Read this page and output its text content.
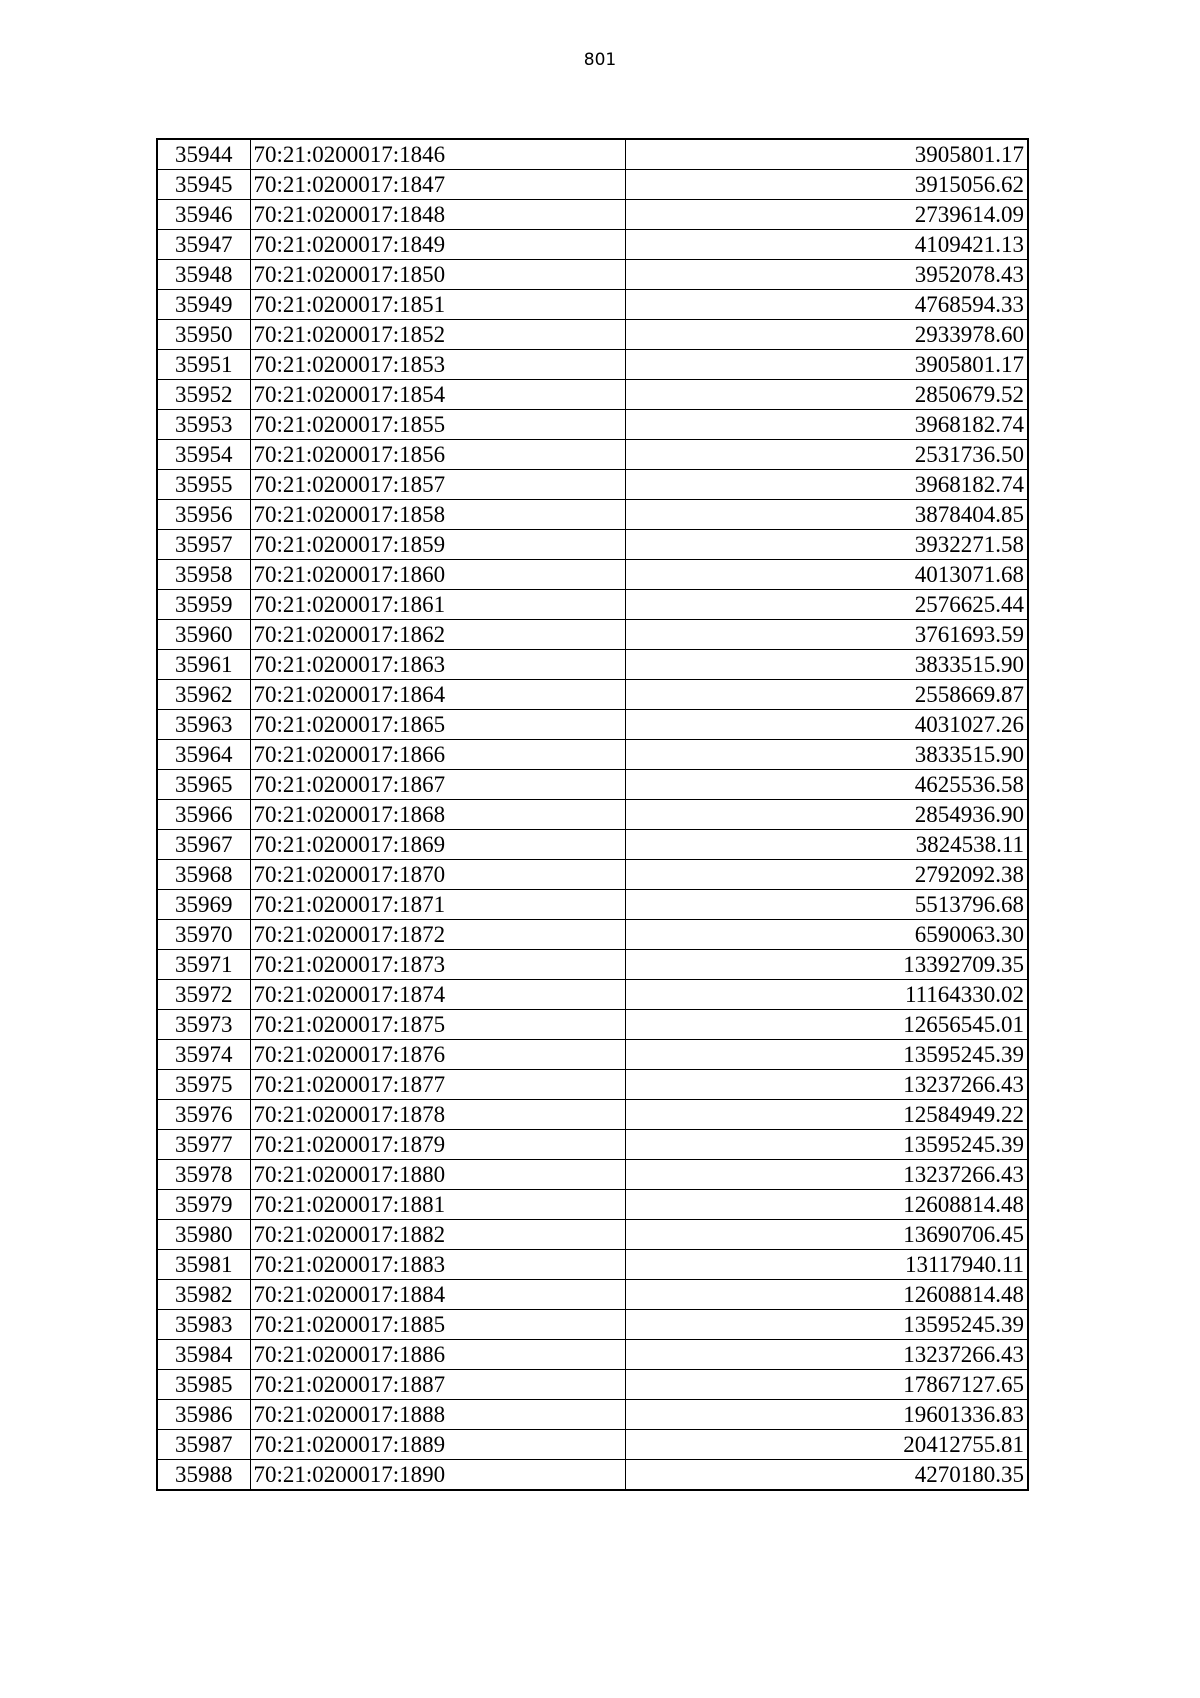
801
35944	70:21:0200017:1846	3905801.17
35945	70:21:0200017:1847	3915056.62
35946	70:21:0200017:1848	2739614.09
35947	70:21:0200017:1849	4109421.13
35948	70:21:0200017:1850	3952078.43
35949	70:21:0200017:1851	4768594.33
35950	70:21:0200017:1852	2933978.60
35951	70:21:0200017:1853	3905801.17
35952	70:21:0200017:1854	2850679.52
35953	70:21:0200017:1855	3968182.74
35954	70:21:0200017:1856	2531736.50
35955	70:21:0200017:1857	3968182.74
35956	70:21:0200017:1858	3878404.85
35957	70:21:0200017:1859	3932271.58
35958	70:21:0200017:1860	4013071.68
35959	70:21:0200017:1861	2576625.44
35960	70:21:0200017:1862	3761693.59
35961	70:21:0200017:1863	3833515.90
35962	70:21:0200017:1864	2558669.87
35963	70:21:0200017:1865	4031027.26
35964	70:21:0200017:1866	3833515.90
35965	70:21:0200017:1867	4625536.58
35966	70:21:0200017:1868	2854936.90
35967	70:21:0200017:1869	3824538.11
35968	70:21:0200017:1870	2792092.38
35969	70:21:0200017:1871	5513796.68
35970	70:21:0200017:1872	6590063.30
35971	70:21:0200017:1873	13392709.35
35972	70:21:0200017:1874	11164330.02
35973	70:21:0200017:1875	12656545.01
35974	70:21:0200017:1876	13595245.39
35975	70:21:0200017:1877	13237266.43
35976	70:21:0200017:1878	12584949.22
35977	70:21:0200017:1879	13595245.39
35978	70:21:0200017:1880	13237266.43
35979	70:21:0200017:1881	12608814.48
35980	70:21:0200017:1882	13690706.45
35981	70:21:0200017:1883	13117940.11
35982	70:21:0200017:1884	12608814.48
35983	70:21:0200017:1885	13595245.39
35984	70:21:0200017:1886	13237266.43
35985	70:21:0200017:1887	17867127.65
35986	70:21:0200017:1888	19601336.83
35987	70:21:0200017:1889	20412755.81
35988	70:21:0200017:1890	4270180.35
